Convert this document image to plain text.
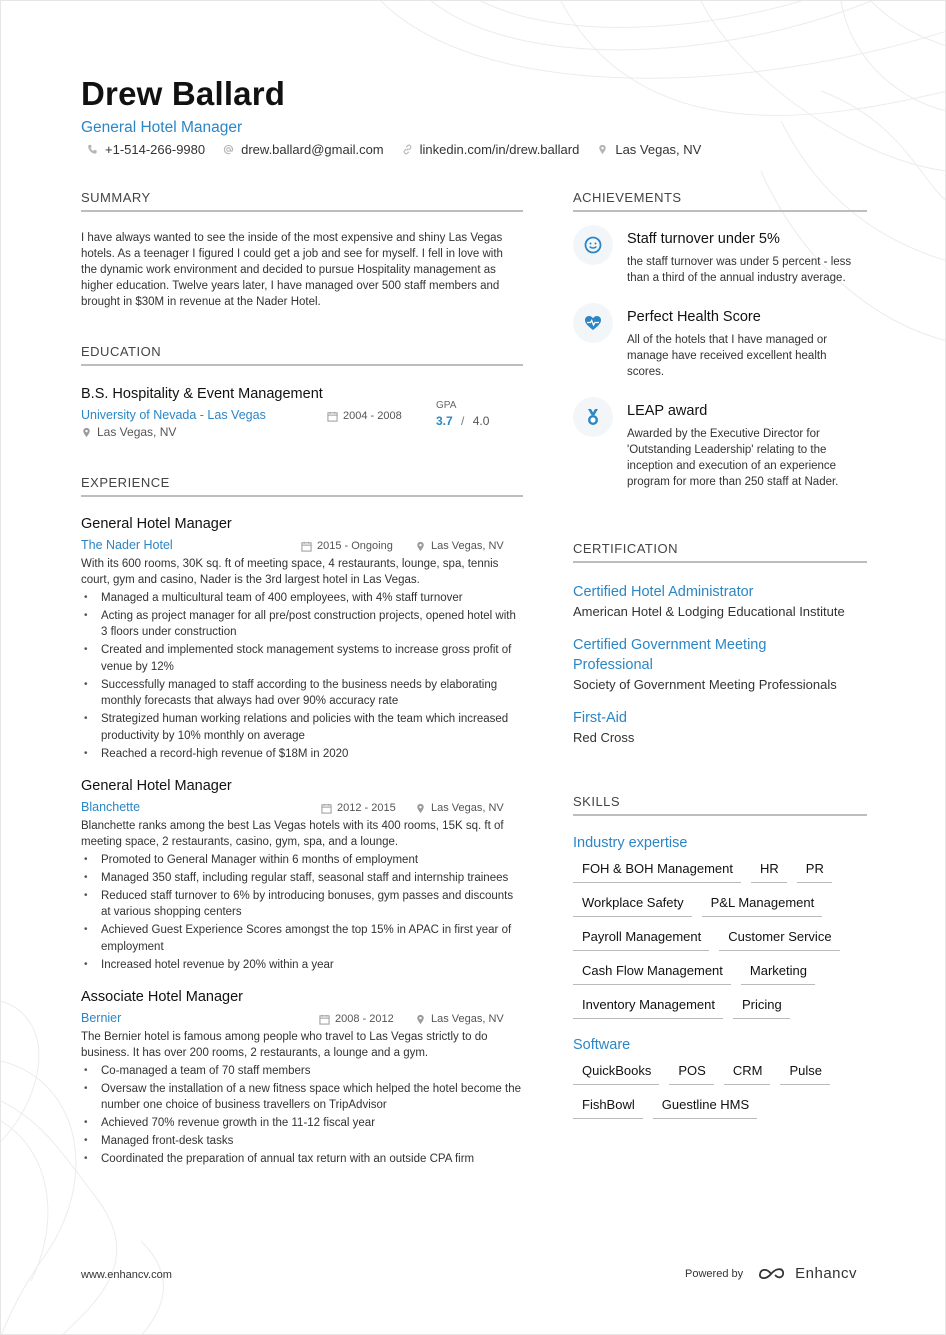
Drew Ballard
General Hotel Manager
+1-514-266-9980	drew.ballard@gmail.com	linkedin.com/in/drew.ballard	Las Vegas, NV
SUMMARY

I have always wanted to see the inside of the most expensive and shiny Las Vegas hotels. As a teenager I figured I could get a job and see for myself. I fell in love with the dynamic work environment and decided to pursue Hospitality management as higher education. Twelve years later, I have managed over 500 staff members and brought in $30M in revenue at the Nader Hotel.

EDUCATION
B.S. Hospitality & Event Management
University of Nevada - Las Vegas
Las Vegas, NV
2004 - 2008
GPA
3.7 / 4.0
EXPERIENCE
General Hotel Manager
The Nader Hotel	2015 - Ongoing	Las Vegas, NV

With its 600 rooms, 30K sq. ft of meeting space, 4 restaurants, lounge, spa, tennis court, gym and casino, Nader is the 3rd largest hotel in Las Vegas.

• Managed a multicultural team of 400 employees, with 4% staff turnover
• Acting as project manager for all pre/post construction projects, opened hotel with 3 floors under construction
• Created and implemented stock management systems to increase gross profit of venue by 12%
• Successfully managed to staff according to the business needs by elaborating monthly forecasts that always had over 90% accuracy rate
• Strategized human working relations and policies with the team which increased productivity by 10% monthly on average
• Reached a record-high revenue of $18M in 2020
General Hotel Manager
Blanchette	2012 - 2015	Las Vegas, NV

Blanchette ranks among the best Las Vegas hotels with its 400 rooms, 15K sq. ft of meeting space, 2 restaurants, casino, gym, spa, and a lounge.

• Promoted to General Manager within 6 months of employment
• Managed 350 staff, including regular staff, seasonal staff and internship trainees
• Reduced staff turnover to 6% by introducing bonuses, gym passes and discounts at various shopping centers
• Achieved Guest Experience Scores amongst the top 15% in APAC in first year of employment
• Increased hotel revenue by 20% within a year
Associate Hotel Manager
Bernier	2008 - 2012	Las Vegas, NV

The Bernier hotel is famous among people who travel to Las Vegas strictly to do business. It has over 200 rooms, 2 restaurants, a lounge and a gym.

• Co-managed a team of 70 staff members
• Oversaw the installation of a new fitness space which helped the hotel become the number one choice of business travellers on TripAdvisor
• Achieved 70% revenue growth in the 11-12 fiscal year
• Managed front-desk tasks
• Coordinated the preparation of annual tax return with an outside CPA firm
ACHIEVEMENTS
Staff turnover under 5%
the staff turnover was under 5 percent - less than a third of the annual industry average.
Perfect Health Score
All of the hotels that I have managed or manage have received excellent health scores.
LEAP award
Awarded by the Executive Director for 'Outstanding Leadership' relating to the inception and execution of an experience program for more than 250 staff at Nader.
CERTIFICATION
Certified Hotel Administrator
American Hotel & Lodging Educational Institute
Certified Government Meeting Professional
Society of Government Meeting Professionals
First-Aid
Red Cross
SKILLS
Industry expertise
FOH & BOH Management	HR	PR
Workplace Safety	P&L Management
Payroll Management	Customer Service
Cash Flow Management	Marketing
Inventory Management	Pricing
Software
QuickBooks	POS	CRM	Pulse
FishBowl	Guestline HMS
www.enhancv.com	Powered by	Enhancv
